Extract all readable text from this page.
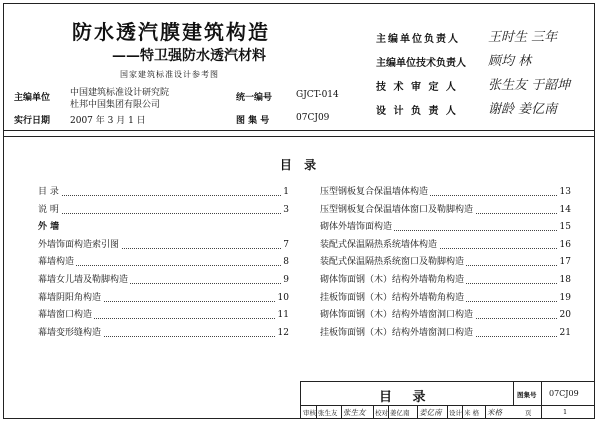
防水透汽膜建筑构造
——特卫强防水透汽材料
国家建筑标准设计参考图
主编单位 中国建筑标准设计研究院
杜邦中国集团有限公司
实行日期 2007 年 3 月 1 日
统一编号	GJCT-014
图 集 号	07CJ09
主编单位负责人 王时生 三年
主编单位技术负责人 顾均 林
技 术 审 定 人 张生友 于韶坤
设 计 负 责 人 谢龄 姜亿南
目 录
目 录	1
说 明	3
外 墙
外墙饰面构造索引图	7
幕墙构造	8
幕墙女儿墙及勒脚构造	9
幕墙阴阳角构造	10
幕墙窗口构造	11
幕墙变形缝构造	12
压型钢板复合保温墙体构造	13
压型钢板复合保温墙体窗口及勒脚构造	14
砌体外墙饰面构造	15
装配式保温隔热系统墙体构造	16
装配式保温隔热系统窗口及勒脚构造	17
砌体饰面钢（木）结构外墙勒角构造	18
挂板饰面钢（木）结构外墙勒角构造	19
砌体饰面钢（木）结构外墙窗洞口构造	20
挂板饰面钢（木）结构外墙窗洞口构造	21
目 录	图集号 07CJ09
审核 张生友 张生友 校对 姜亿南 姜亿南 设计 米 格 米格	页	1
